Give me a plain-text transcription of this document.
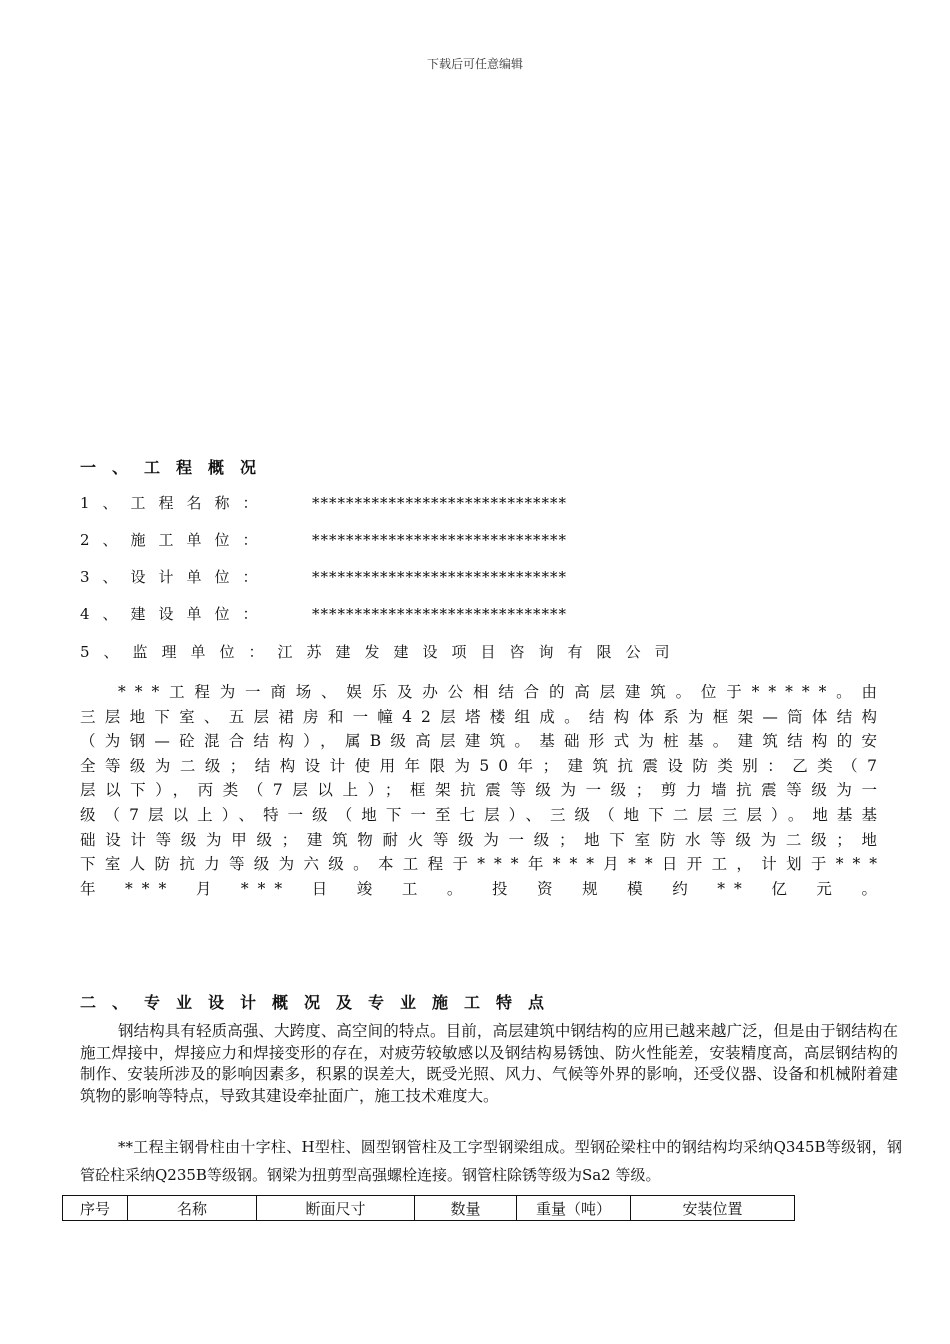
下载后可任意编辑
一、工程概况
1、工程名称：	******************************
2、施工单位：	******************************
3、设计单位：	******************************
4、建设单位：	******************************
5、监理单位：江苏建发建设项目咨询有限公司

***工程为一商场、娱乐及办公相结合的高层建筑。位于*****。由三层地下室、五层裙房和一幢42层塔楼组成。结构体系为框架—筒体结构（为钢—砼混合结构），属B级高层建筑。基础形式为桩基。建筑结构的安全等级为二级；结构设计使用年限为50年；建筑抗震设防类别：乙类（7层以下），丙类（7层以上）；框架抗震等级为一级；剪力墙抗震等级为一级（7层以上）、特一级（地下一至七层）、三级（地下二层三层）。地基基础设计等级为甲级；建筑物耐火等级为一级；地下室防水等级为二级；地下室人防抗力等级为六级。本工程于***年***月**日开工，计划于***年***月***日竣工。投资规模约**亿元。

二、专业设计概况及专业施工特点
钢结构具有轻质高强、大跨度、高空间的特点。目前，高层建筑中钢结构的应用已越来越广泛，但是由于钢结构在施工焊接中，焊接应力和焊接变形的存在，对疲劳较敏感以及钢结构易锈蚀、防火性能差，安装精度高，高层钢结构的制作、安装所涉及的影响因素多，积累的误差大，既受光照、风力、气候等外界的影响，还受仪器、设备和机械附着建筑物的影响等特点，导致其建设牵扯面广，施工技术难度大。
**工程主钢骨柱由十字柱、H型柱、圆型钢管柱及工字型钢梁组成。型钢砼梁柱中的钢结构均采纳Q345B等级钢，钢管砼柱采纳Q235B等级钢。钢梁为扭剪型高强螺栓连接。钢管柱除锈等级为Sa2 等级。
序号	名称	断面尺寸	数量	重量（吨）	安装位置
